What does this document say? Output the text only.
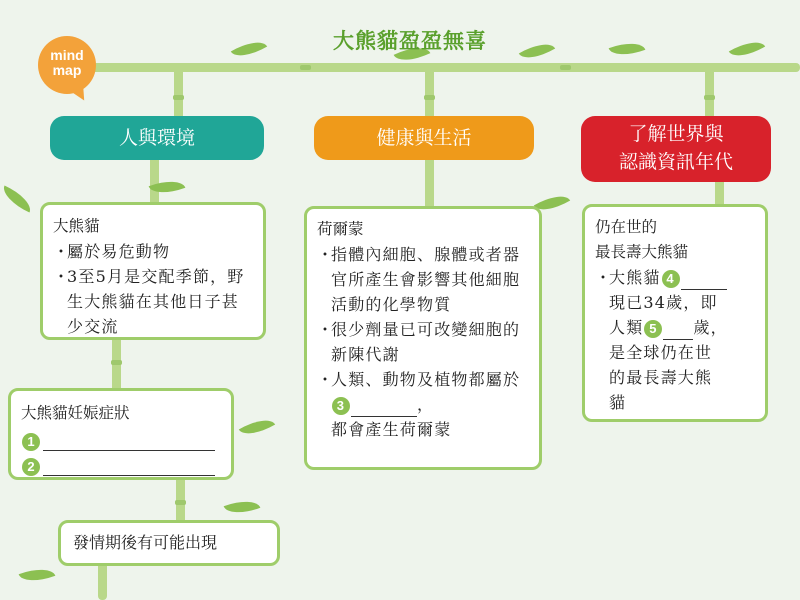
大熊貓盈盈無喜
mind
map
人與環境	健康與生活	了解世界與
認識資訊年代
大熊貓
・
屬於易危動物
・
3至5月是交配季節，野生大熊貓在其他日子甚少交流
荷爾蒙
・
指體內細胞、腺體或者器官所產生會影響其他細胞活動的化學物質
・
很少劑量已可改變細胞的新陳代謝
・
人類、動物及植物都屬於3	，
都會產生荷爾蒙
仍在世的
最長壽大熊貓
・
大熊貓 4
現已34歲，即
人類 5 歲，
是全球仍在世
的最長壽大熊
貓
大熊貓妊娠症狀
1
2
發情期後有可能出現
